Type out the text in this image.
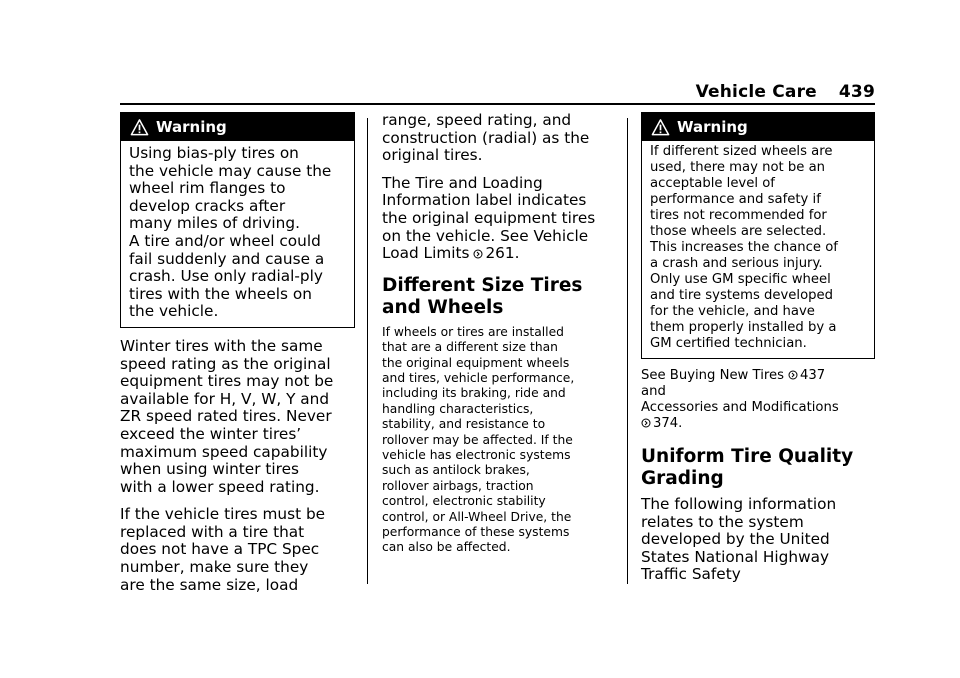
Vehicle Care 439
Warning
Using bias-ply tires on
the vehicle may cause the
wheel rim flanges to
develop cracks after
many miles of driving.
A tire and/or wheel could
fail suddenly and cause a
crash. Use only radial-ply
tires with the wheels on
the vehicle.
Winter tires with the same
speed rating as the original
equipment tires may not be
available for H, V, W, Y and
ZR speed rated tires. Never
exceed the winter tires’
maximum speed capability
when using winter tires
with a lower speed rating.
If the vehicle tires must be
replaced with a tire that
does not have a TPC Spec
number, make sure they
are the same size, load
range, speed rating, and
construction (radial) as the
original tires.
The Tire and Loading
Information label indicates
the original equipment tires
on the vehicle. See Vehicle
Load Limits 261.
Different Size Tires
and Wheels
If wheels or tires are installed
that are a different size than
the original equipment wheels
and tires, vehicle performance,
including its braking, ride and
handling characteristics,
stability, and resistance to
rollover may be affected. If the
vehicle has electronic systems
such as antilock brakes,
rollover airbags, traction
control, electronic stability
control, or All-Wheel Drive, the
performance of these systems
can also be affected.
Warning
If different sized wheels are
used, there may not be an
acceptable level of
performance and safety if
tires not recommended for
those wheels are selected.
This increases the chance of
a crash and serious injury.
Only use GM specific wheel
and tire systems developed
for the vehicle, and have
them properly installed by a
GM certified technician.
See Buying New Tires 437
and
Accessories and Modifications
374.
Uniform Tire Quality
Grading
The following information
relates to the system
developed by the United
States National Highway
Traffic Safety
